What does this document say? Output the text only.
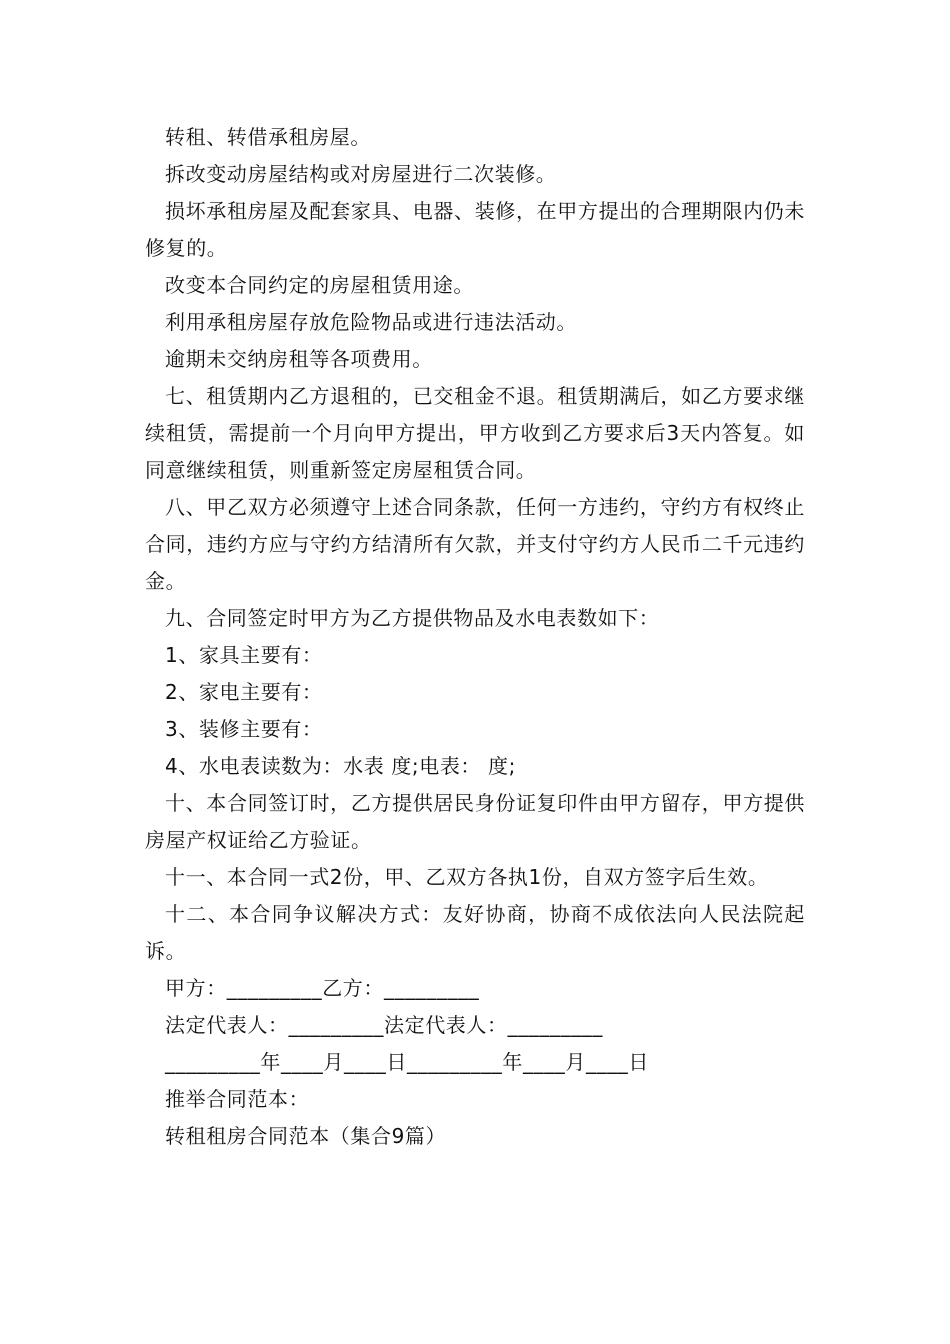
转租、转借承租房屋。

拆改变动房屋结构或对房屋进行二次装修。

损坏承租房屋及配套家具、电器、装修，在甲方提出的合理期限内仍未修复的。

改变本合同约定的房屋租赁用途。

利用承租房屋存放危险物品或进行违法活动。

逾期未交纳房租等各项费用。

七、租赁期内乙方退租的，已交租金不退。租赁期满后，如乙方要求继续租赁，需提前一个月向甲方提出，甲方收到乙方要求后3天内答复。如同意继续租赁，则重新签定房屋租赁合同。

八、甲乙双方必须遵守上述合同条款，任何一方违约，守约方有权终止合同，违约方应与守约方结清所有欠款，并支付守约方人民币二千元违约金。

九、合同签定时甲方为乙方提供物品及水电表数如下：

1、家具主要有：

2、家电主要有：

3、装修主要有：

4、水电表读数为：水表 度;电表： 度;

十、本合同签订时，乙方提供居民身份证复印件由甲方留存，甲方提供房屋产权证给乙方验证。

十一、本合同一式2份，甲、乙双方各执1份，自双方签字后生效。

十二、本合同争议解决方式：友好协商，协商不成依法向人民法院起诉。

甲方：_________乙方：_________

法定代表人：_________法定代表人：_________

_________年____月____日_________年____月____日

推举合同范本：

转租租房合同范本（集合9篇）
